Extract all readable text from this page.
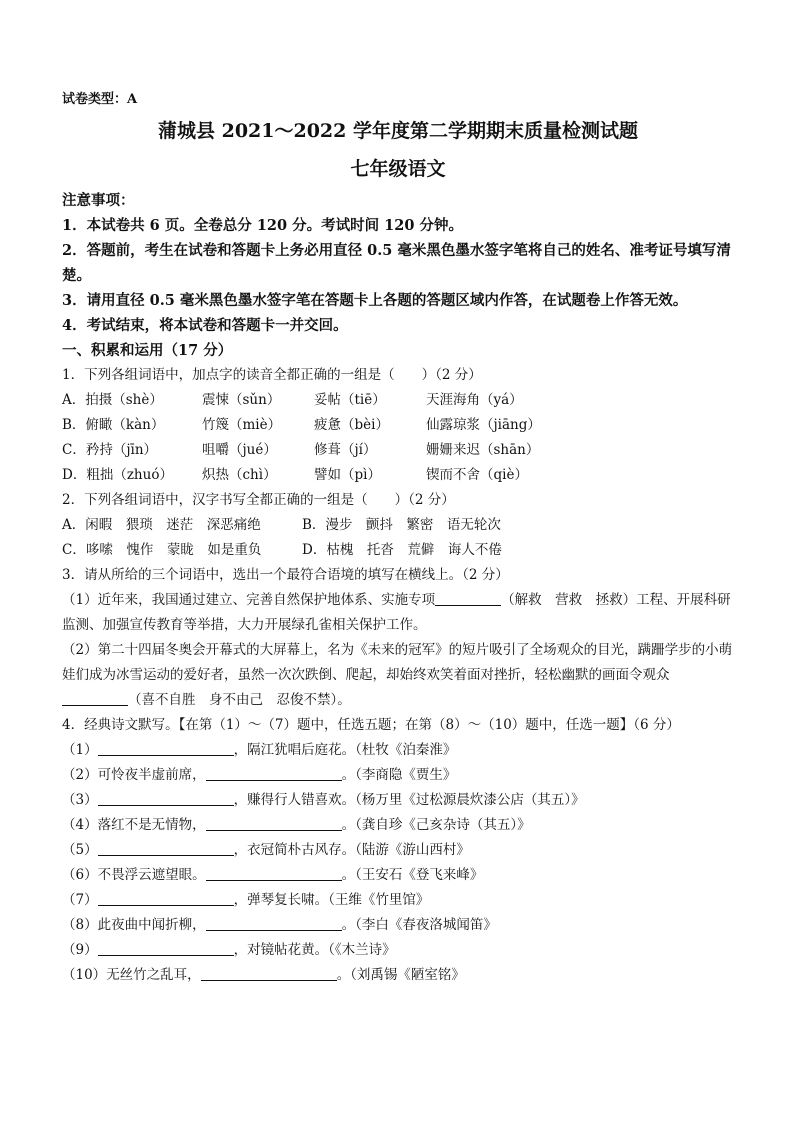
试卷类型：A
蒲城县 2021～2022 学年度第二学期期末质量检测试题
七年级语文
注意事项：
1．本试卷共 6 页。全卷总分 120 分。考试时间 120 分钟。
2．答题前，考生在试卷和答题卡上务必用直径 0.5 毫米黑色墨水签字笔将自己的姓名、准考证号填写清楚。
3．请用直径 0.5 毫米黑色墨水签字笔在答题卡上各题的答题区域内作答，在试题卷上作答无效。
4．考试结束，将本试卷和答题卡一并交回。
一、积累和运用（17 分）
1．下列各组词语中，加点字的读音全都正确的一组是（　　）（2 分）
A．拍摄（shè）	震悚（sǔn）	妥帖（tiē）	天涯海角（yá）
B．俯瞰（kàn）	竹篾（miè）	疲惫（bèi）	仙露琼浆（jiāng）
C．矜持（jīn）	咀嚼（jué）	修葺（jí）	姗姗来迟（shān）
D．粗拙（zhuó）	炽热（chì）	譬如（pì）	锲而不舍（qiè）
2．下列各组词语中，汉字书写全都正确的一组是（　　）（2 分）
A．闲暇　猥琐　迷茫　深恶痛绝	B．漫步　颤抖　繁密　语无轮次
C．哆嗦　愧作　蒙眬　如是重负	D．枯槐　托沓　荒僻　诲人不倦
3．请从所给的三个词语中，选出一个最符合语境的填写在横线上。（2 分）
（1）近年来，我国通过建立、完善自然保护地体系、实施专项	（解救　营救　拯救）工程、开展科研监测、加强宣传教育等举措，大力开展绿孔雀相关保护工作。
（2）第二十四届冬奥会开幕式的大屏幕上，名为《未来的冠军》的短片吸引了全场观众的目光，蹒跚学步的小萌娃们成为冰雪运动的爱好者，虽然一次次跌倒、爬起，却始终欢笑着面对挫折，轻松幽默的画面令观众（喜不自胜　身不由己　忍俊不禁）。
4．经典诗文默写。【在第（1）～（7）题中，任选五题；在第（8）～（10）题中，任选一题】（6 分）
（1）	，隔江犹唱后庭花。（杜牧《泊秦淮》
（2）可怜夜半虚前席，	。（李商隐《贾生》
（3）	，赚得行人错喜欢。（杨万里《过松源晨炊漆公店（其五）》
（4）落红不是无情物，	。（龚自珍《己亥杂诗（其五）》
（5）	，衣冠简朴古风存。（陆游《游山西村》
（6）不畏浮云遮望眼。	。（王安石《登飞来峰》
（7）	，弹琴复长啸。（王维《竹里馆》
（8）此夜曲中闻折柳，	。（李白《春夜洛城闻笛》
（9）	，对镜帖花黄。（《木兰诗》
（10）无丝竹之乱耳，	。（刘禹锡《陋室铭》
